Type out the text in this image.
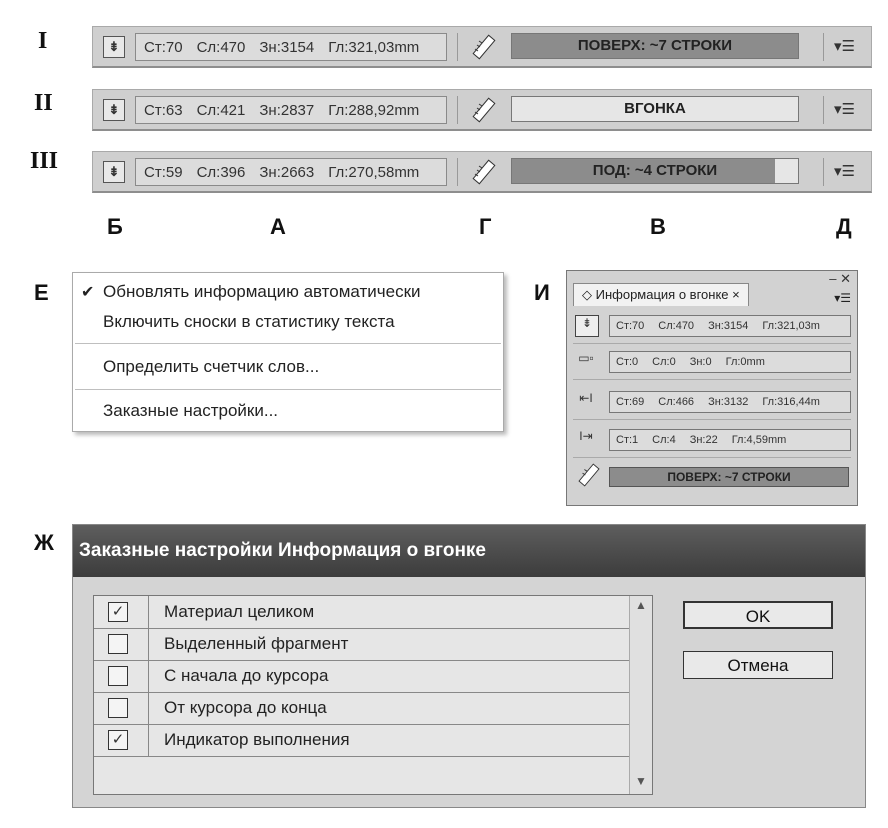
I
II
III
⇟	Ст:70 Сл:470 Зн:3154 Гл:321,03mm	ПОВЕРХ: ~7 СТРОКИ	▾☰
⇟	Ст:63 Сл:421 Зн:2837 Гл:288,92mm	ВГОНКА	▾☰
⇟	Ст:59 Сл:396 Зн:2663 Гл:270,58mm	ПОД: ~4 СТРОКИ	▾☰
Б	А	Г	В	Д
Е ✔ Обновлять информацию автоматически
Включить сноски в статистику текста
Определить счетчик слов...
Заказные настройки...
И
‒ ✕
◇ Информация о вгонке ×	▾☰
⇟	Ст:70 Сл:470 Зн:3154 Гл:321,03m
▭▫ Ст:0 Сл:0 Зн:0 Гл:0mm
⇤I	Ст:69 Сл:466 Зн:3132 Гл:316,44m
I⇥	Ст:1 Сл:4 Зн:22 Гл:4,59mm
ПОВЕРХ: ~7 СТРОКИ
Ж	Заказные настройки Информация о вгонке
✓ Материал целиком
Выделенный фрагмент
С начала до курсора
От курсора до конца
✓ Индикатор выполнения
▲
▼
OK
Отмена
